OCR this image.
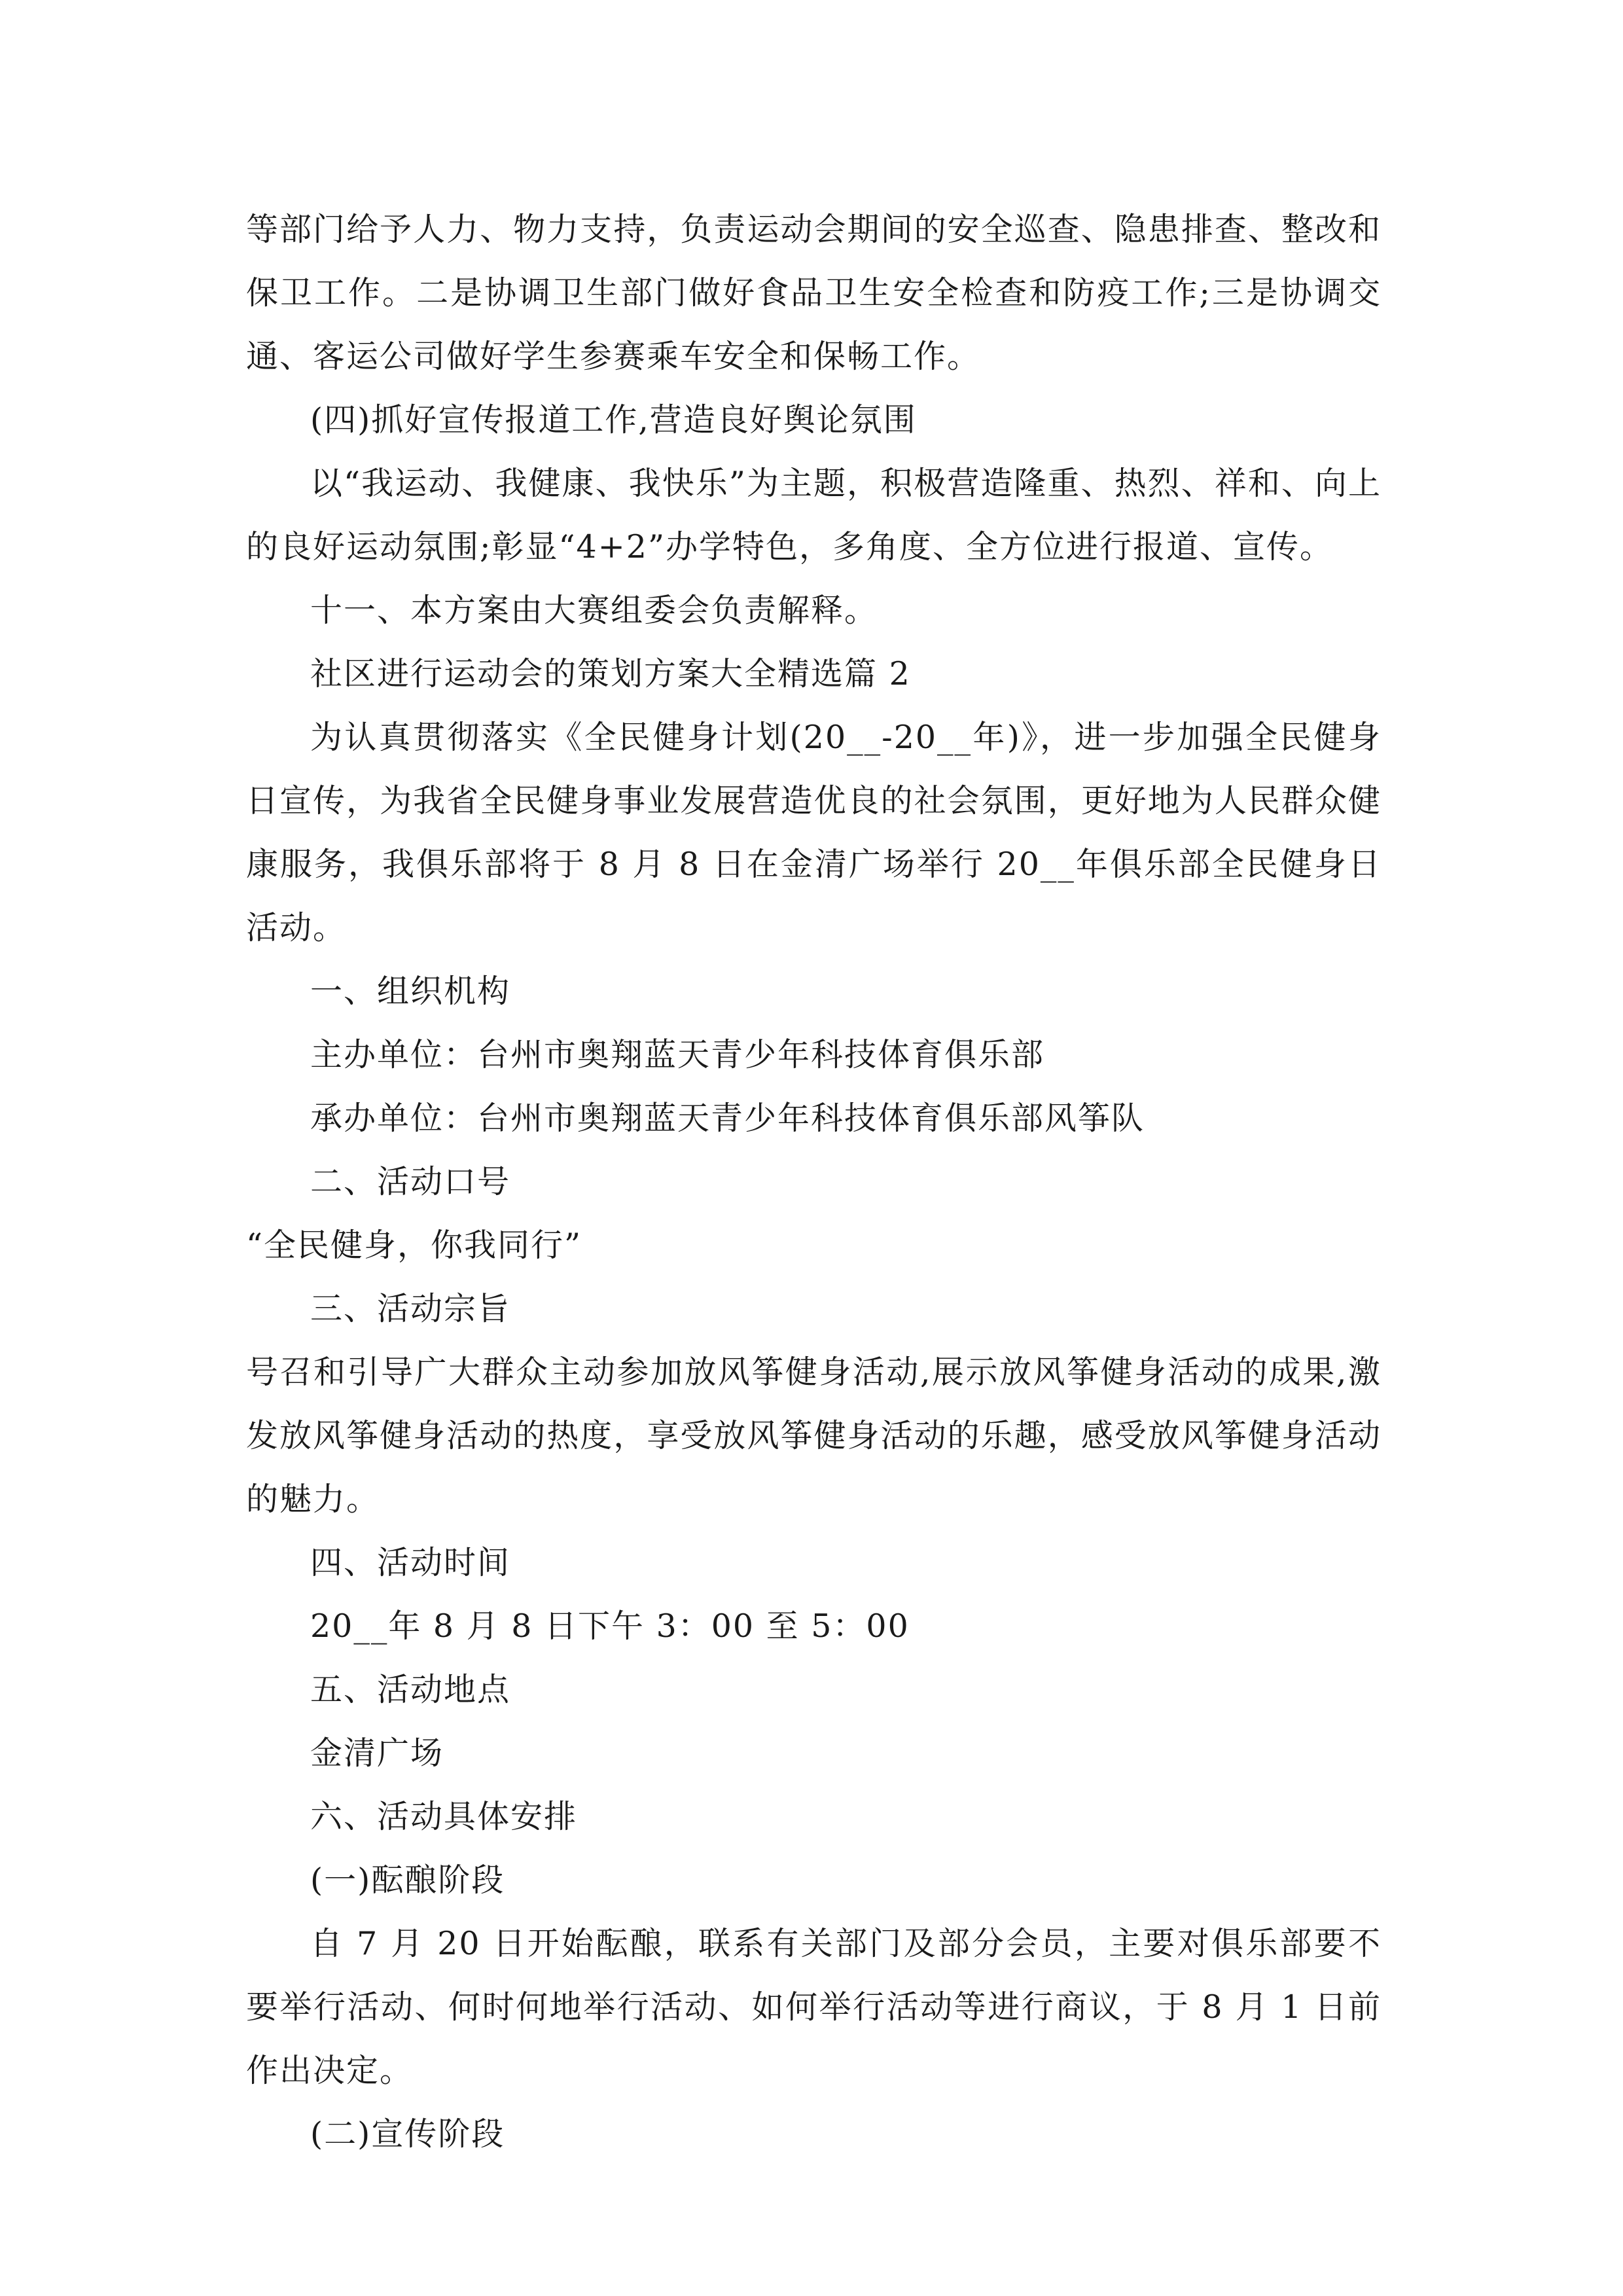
等部门给予人力、物力支持，负责运动会期间的安全巡查、隐患排查、整改和保卫工作。二是协调卫生部门做好食品卫生安全检查和防疫工作;三是协调交通、客运公司做好学生参赛乘车安全和保畅工作。

(四)抓好宣传报道工作,营造良好舆论氛围

以“我运动、我健康、我快乐”为主题，积极营造隆重、热烈、祥和、向上的良好运动氛围;彰显“4+2”办学特色，多角度、全方位进行报道、宣传。

十一、本方案由大赛组委会负责解释。

社区进行运动会的策划方案大全精选篇 2

为认真贯彻落实《全民健身计划(20__-20__年)》，进一步加强全民健身日宣传，为我省全民健身事业发展营造优良的社会氛围，更好地为人民群众健康服务，我俱乐部将于 8 月 8 日在金清广场举行 20__年俱乐部全民健身日活动。

一、组织机构

主办单位：台州市奥翔蓝天青少年科技体育俱乐部

承办单位：台州市奥翔蓝天青少年科技体育俱乐部风筝队

二、活动口号

“全民健身，你我同行”

三、活动宗旨

号召和引导广大群众主动参加放风筝健身活动,展示放风筝健身活动的成果,激发放风筝健身活动的热度，享受放风筝健身活动的乐趣，感受放风筝健身活动的魅力。

四、活动时间

20__年 8 月 8 日下午 3：00 至 5：00

五、活动地点

金清广场

六、活动具体安排

(一)酝酿阶段

自 7 月 20 日开始酝酿，联系有关部门及部分会员，主要对俱乐部要不要举行活动、何时何地举行活动、如何举行活动等进行商议，于 8 月 1 日前作出决定。

(二)宣传阶段
